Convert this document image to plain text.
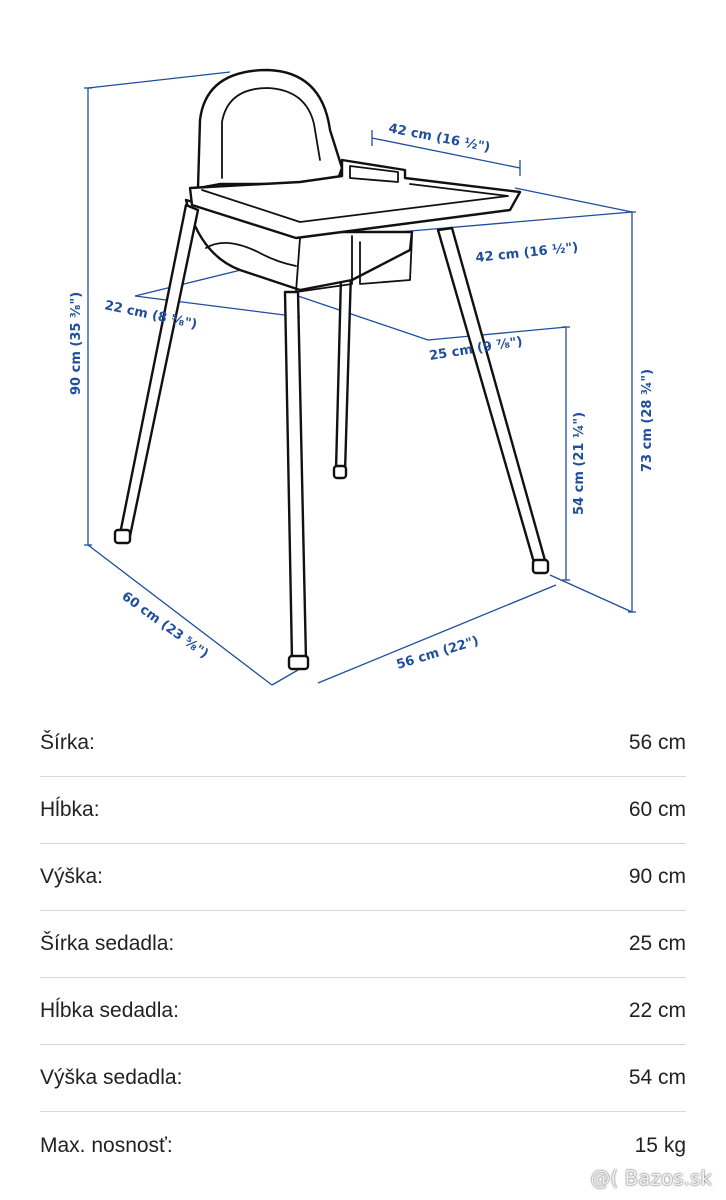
90 cm (35 ³⁄₈")
42 cm (16 ½")
42 cm (16 ½")
22 cm (8 ⁵⁄₈")
25 cm (9 ⁷⁄₈")
54 cm (21 ¼")	73 cm (28 ¾")
60 cm (23 ⁵⁄₈")	56 cm (22")
Šírka:	56 cm
Hĺbka:	60 cm
Výška:	90 cm
Šírka sedadla:	25 cm
Hĺbka sedadla:	22 cm
Výška sedadla:	54 cm
Max. nosnosť:	15 kg
@( Bazos.sk
